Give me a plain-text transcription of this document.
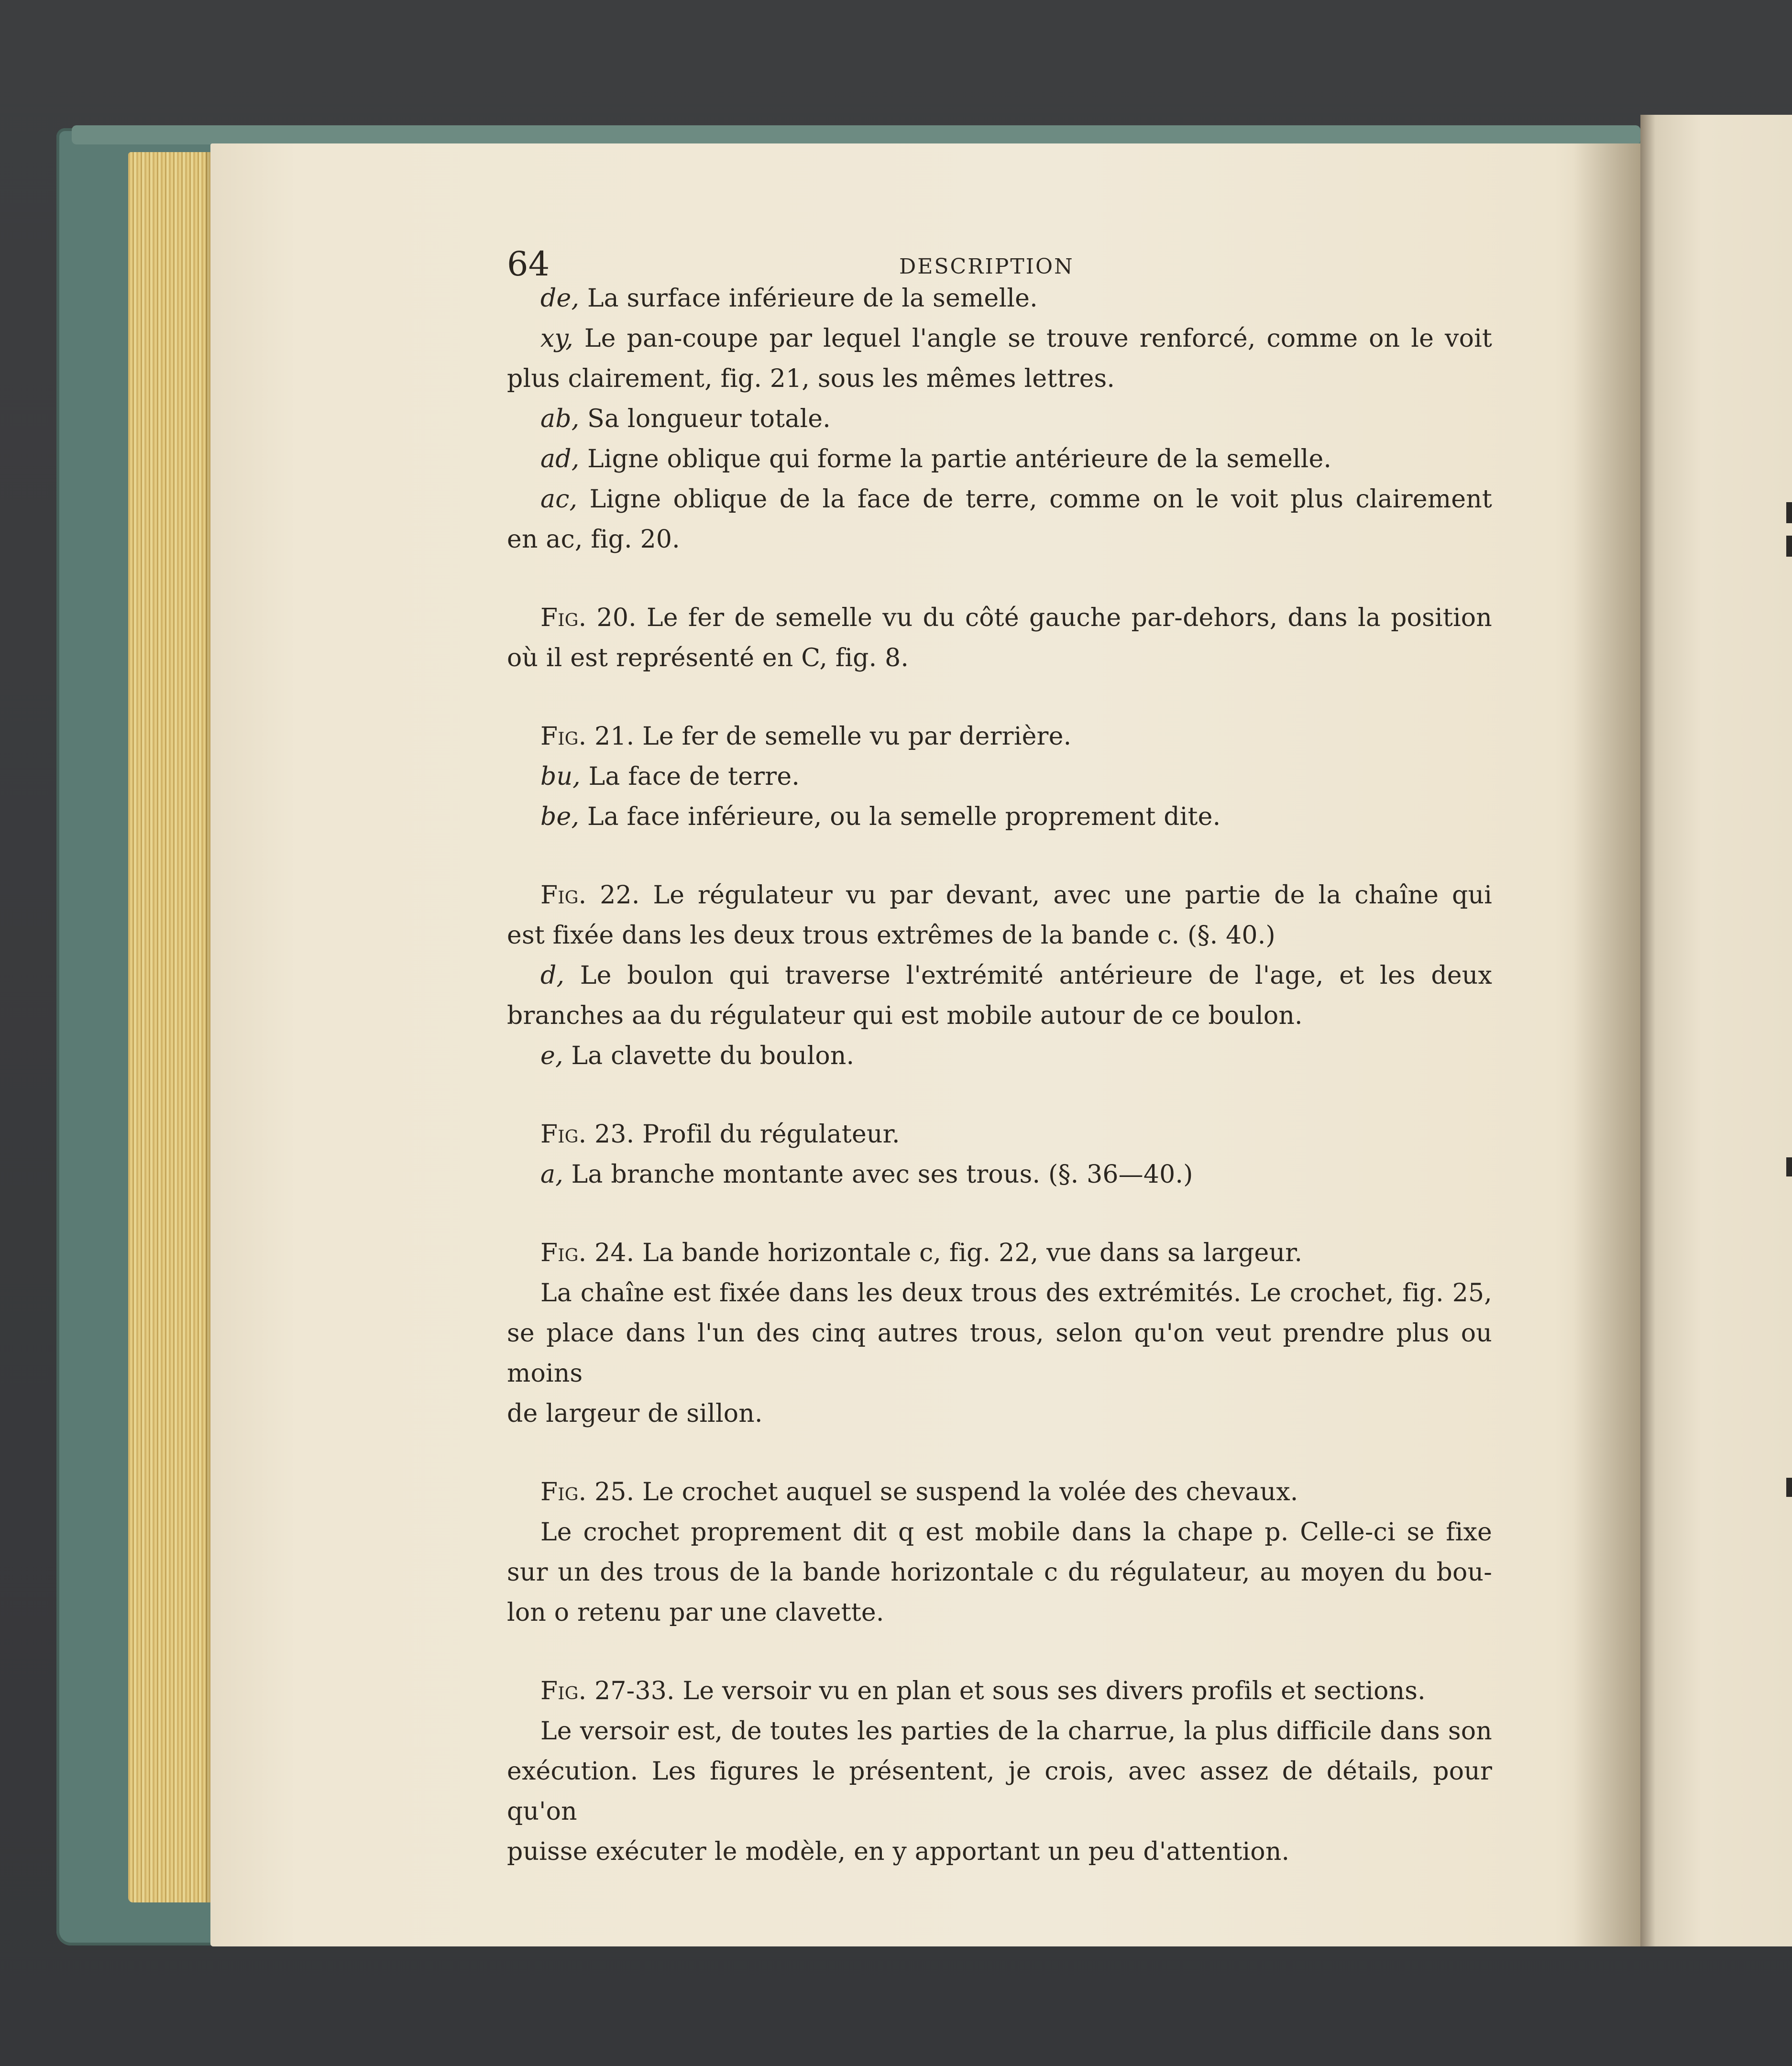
64	DESCRIPTION

de, La surface inférieure de la semelle.

xy, Le pan-coupe par lequel l'angle se trouve renforcé, comme on le voit

plus clairement, fig. 21, sous les mêmes lettres.

ab, Sa longueur totale.

ad, Ligne oblique qui forme la partie antérieure de la semelle.

ac, Ligne oblique de la face de terre, comme on le voit plus clairement

en ac, fig. 20.

Fig. 20. Le fer de semelle vu du côté gauche par-dehors, dans la position

où il est représenté en C, fig. 8.

Fig. 21. Le fer de semelle vu par derrière.

bu, La face de terre.

be, La face inférieure, ou la semelle proprement dite.

Fig. 22. Le régulateur vu par devant, avec une partie de la chaîne qui

est fixée dans les deux trous extrêmes de la bande c. (§. 40.)

d, Le boulon qui traverse l'extrémité antérieure de l'age, et les deux

branches aa du régulateur qui est mobile autour de ce boulon.

e, La clavette du boulon.

Fig. 23. Profil du régulateur.

a, La branche montante avec ses trous. (§. 36—40.)

Fig. 24. La bande horizontale c, fig. 22, vue dans sa largeur.

La chaîne est fixée dans les deux trous des extrémités. Le crochet, fig. 25,

se place dans l'un des cinq autres trous, selon qu'on veut prendre plus ou moins

de largeur de sillon.

Fig. 25. Le crochet auquel se suspend la volée des chevaux.

Le crochet proprement dit q est mobile dans la chape p. Celle-ci se fixe

sur un des trous de la bande horizontale c du régulateur, au moyen du bou-

lon o retenu par une clavette.

Fig. 27-33. Le versoir vu en plan et sous ses divers profils et sections.

Le versoir est, de toutes les parties de la charrue, la plus difficile dans son

exécution. Les figures le présentent, je crois, avec assez de détails, pour qu'on

puisse exécuter le modèle, en y apportant un peu d'attention.
